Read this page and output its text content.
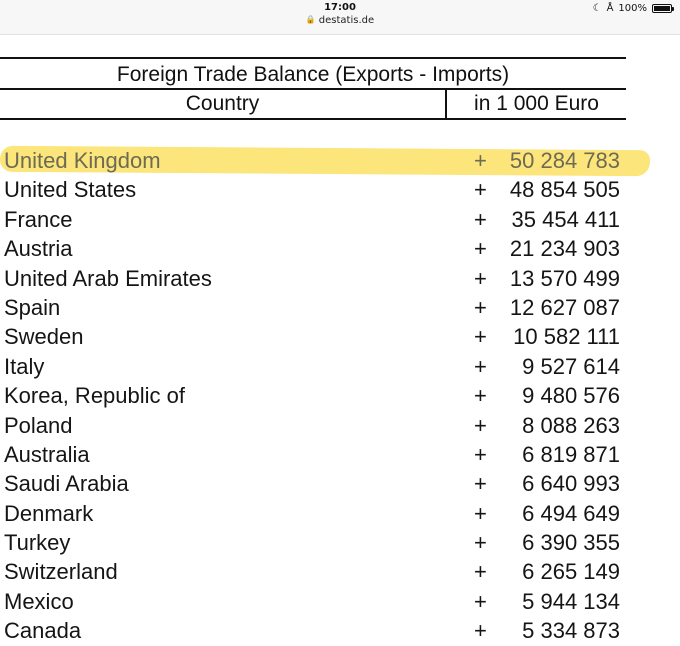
17:00
🔒 destatis.de
☾ Å 100%
Foreign Trade Balance (Exports - Imports)
Country	in 1 000 Euro
United Kingdom	+ 50 284 783
United States	+ 48 854 505
France	+ 35 454 411
Austria	+ 21 234 903
United Arab Emirates	+ 13 570 499
Spain	+ 12 627 087
Sweden	+ 10 582 111
Italy	+ 9 527 614
Korea, Republic of	+ 9 480 576
Poland	+ 8 088 263
Australia	+ 6 819 871
Saudi Arabia	+ 6 640 993
Denmark	+ 6 494 649
Turkey	+ 6 390 355
Switzerland	+ 6 265 149
Mexico	+ 5 944 134
Canada	+ 5 334 873
